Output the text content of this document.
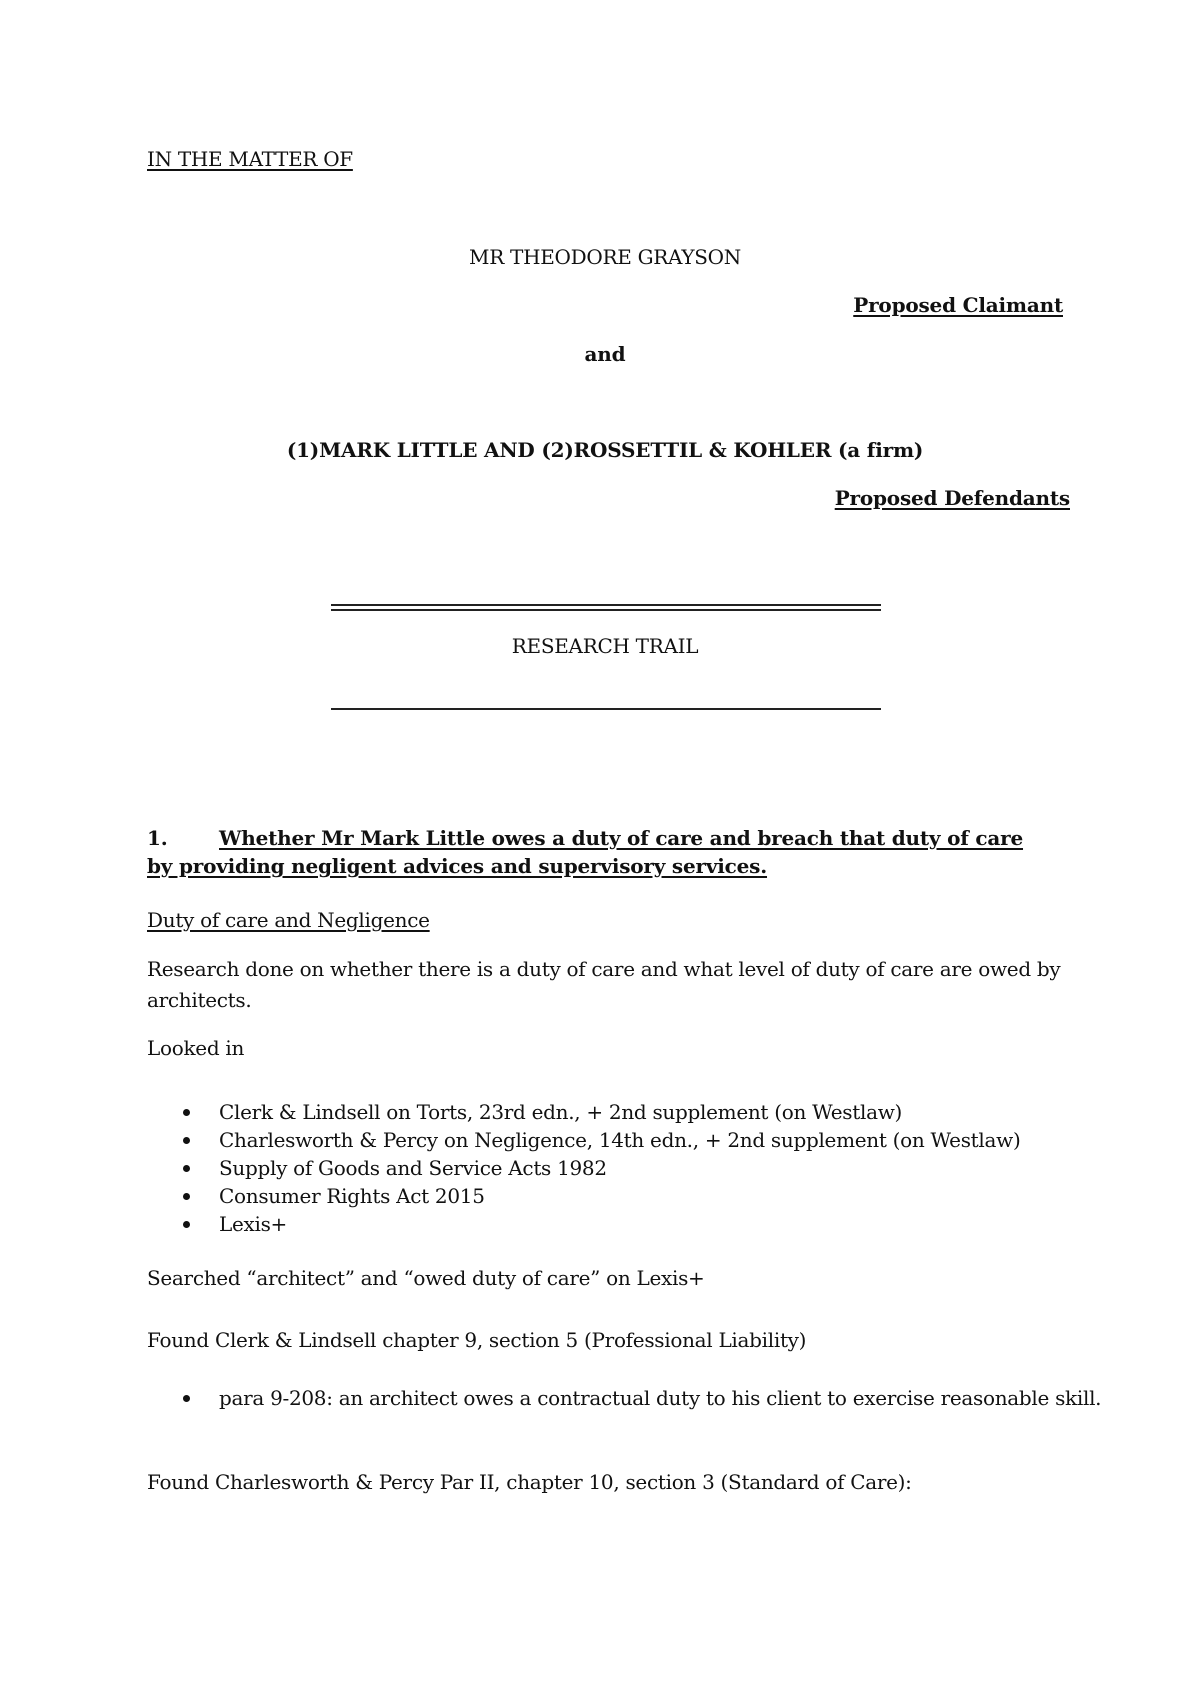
IN THE MATTER OF
MR THEODORE GRAYSON
Proposed Claimant
and
(1)MARK LITTLE AND (2)ROSSETTIL & KOHLER (a firm)
Proposed Defendants
RESEARCH TRAIL
1.	Whether Mr Mark Little owes a duty of care and breach that duty of care by providing negligent advices and supervisory services.
Duty of care and Negligence
Research done on whether there is a duty of care and what level of duty of care are owed by architects.
Looked in
Clerk & Lindsell on Torts, 23rd edn., + 2nd supplement (on Westlaw)
Charlesworth & Percy on Negligence, 14th edn., + 2nd supplement (on Westlaw)
Supply of Goods and Service Acts 1982
Consumer Rights Act 2015
Lexis+
Searched “architect” and “owed duty of care” on Lexis+
Found Clerk & Lindsell chapter 9, section 5 (Professional Liability)
para 9-208: an architect owes a contractual duty to his client to exercise reasonable skill.
Found Charlesworth & Percy Par II, chapter 10, section 3 (Standard of Care):
